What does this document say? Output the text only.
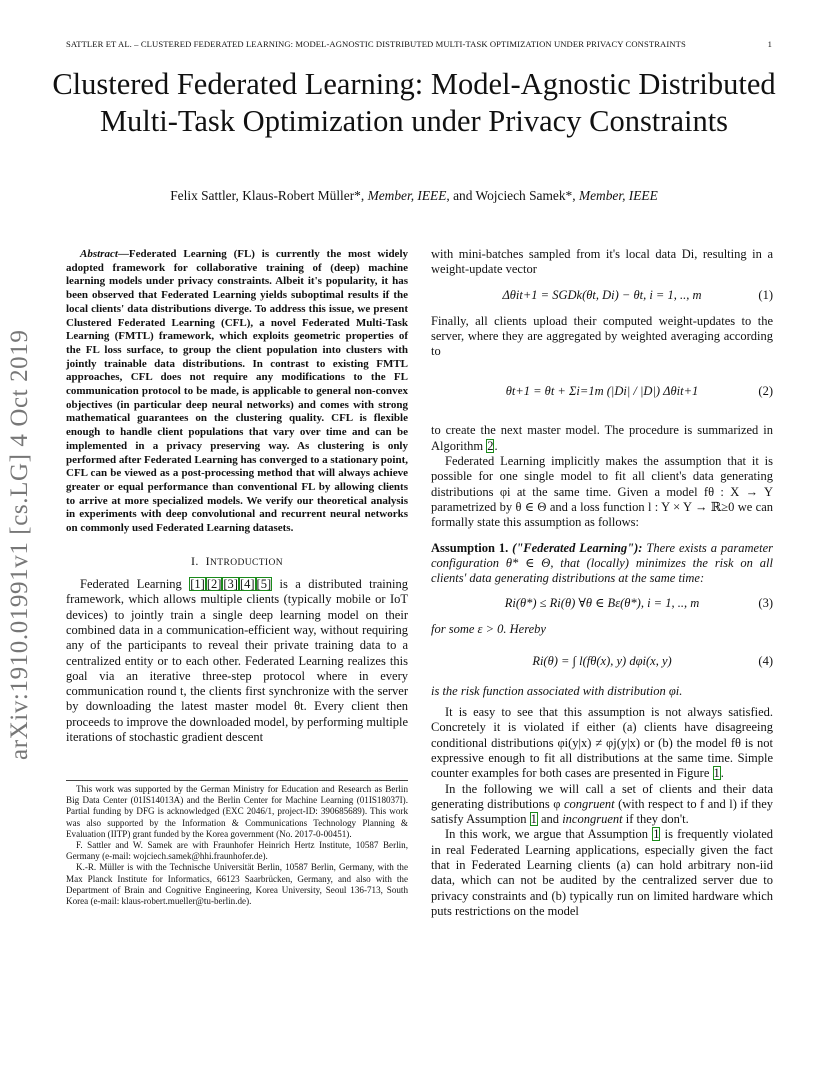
SATTLER ET AL. – CLUSTERED FEDERATED LEARNING: MODEL-AGNOSTIC DISTRIBUTED MULTI-TASK OPTIMIZATION UNDER PRIVACY CONSTRAINTS	1
arXiv:1910.01991v1 [cs.LG] 4 Oct 2019
Clustered Federated Learning: Model-Agnostic Distributed Multi-Task Optimization under Privacy Constraints
Felix Sattler, Klaus-Robert Müller*, Member, IEEE, and Wojciech Samek*, Member, IEEE

Abstract—Federated Learning (FL) is currently the most widely adopted framework for collaborative training of (deep) machine learning models under privacy constraints. Albeit it's popularity, it has been observed that Federated Learning yields suboptimal results if the local clients' data distributions diverge. To address this issue, we present Clustered Federated Learning (CFL), a novel Federated Multi-Task Learning (FMTL) framework, which exploits geometric properties of the FL loss surface, to group the client population into clusters with jointly trainable data distributions. In contrast to existing FMTL approaches, CFL does not require any modifications to the FL communication protocol to be made, is applicable to general non-convex objectives (in particular deep neural networks) and comes with strong mathematical guarantees on the clustering quality. CFL is flexible enough to handle client populations that vary over time and can be implemented in a privacy preserving way. As clustering is only performed after Federated Learning has converged to a stationary point, CFL can be viewed as a post-processing method that will always achieve greater or equal performance than conventional FL by allowing clients to arrive at more specialized models. We verify our theoretical analysis in experiments with deep convolutional and recurrent neural networks on commonly used Federated Learning datasets.

I. INTRODUCTION

Federated Learning [1] [2] [3] [4] [5] is a distributed training framework, which allows multiple clients (typically mobile or IoT devices) to jointly train a single deep learning model on their combined data in a communication-efficient way, without requiring any of the participants to reveal their private training data to a centralized entity or to each other. Federated Learning realizes this goal via an iterative three-step protocol where in every communication round t, the clients first synchronize with the server by downloading the latest master model θt. Every client then proceeds to improve the downloaded model, by performing multiple iterations of stochastic gradient descent

This work was supported by the German Ministry for Education and Research as Berlin Big Data Center (01IS14013A) and the Berlin Center for Machine Learning (01IS18037I). Partial funding by DFG is acknowledged (EXC 2046/1, project-ID: 390685689). This work was also supported by the Information & Communications Technology Planning & Evaluation (IITP) grant funded by the Korea government (No. 2017-0-00451).

F. Sattler and W. Samek are with Fraunhofer Heinrich Hertz Institute, 10587 Berlin, Germany (e-mail: wojciech.samek@hhi.fraunhofer.de).

K.-R. Müller is with the Technische Universität Berlin, 10587 Berlin, Germany, with the Max Planck Institute for Informatics, 66123 Saarbrücken, Germany, and also with the Department of Brain and Cognitive Engineering, Korea University, Seoul 136-713, South Korea (e-mail: klaus-robert.mueller@tu-berlin.de).

with mini-batches sampled from it's local data Di, resulting in a weight-update vector

Δθit+1 = SGDk(θt, Di) − θt, i = 1, .., m	(1)

Finally, all clients upload their computed weight-updates to the server, where they are aggregated by weighted averaging according to

θt+1 = θt + Σi=1m (|Di| / |D|) Δθit+1	(2)

to create the next master model. The procedure is summarized in Algorithm 2.

Federated Learning implicitly makes the assumption that it is possible for one single model to fit all client's data generating distributions φi at the same time. Given a model fθ : X → Y parametrized by θ ∈ Θ and a loss function l : Y × Y → ℝ≥0 we can formally state this assumption as follows:

Assumption 1. ("Federated Learning"): There exists a parameter configuration θ* ∈ Θ, that (locally) minimizes the risk on all clients' data generating distributions at the same time:

Ri(θ*) ≤ Ri(θ) ∀θ ∈ Bε(θ*), i = 1, .., m	(3)

for some ε > 0. Hereby

Ri(θ) = ∫ l(fθ(x), y) dφi(x, y)	(4)

is the risk function associated with distribution φi.

It is easy to see that this assumption is not always satisfied. Concretely it is violated if either (a) clients have disagreeing conditional distributions φi(y|x) ≠ φj(y|x) or (b) the model fθ is not expressive enough to fit all distributions at the same time. Simple counter examples for both cases are presented in Figure 1.

In the following we will call a set of clients and their data generating distributions φ congruent (with respect to f and l) if they satisfy Assumption 1 and incongruent if they don't.

In this work, we argue that Assumption 1 is frequently violated in real Federated Learning applications, especially given the fact that in Federated Learning clients (a) can hold arbitrary non-iid data, which can not be audited by the centralized server due to privacy constraints and (b) typically run on limited hardware which puts restrictions on the model
